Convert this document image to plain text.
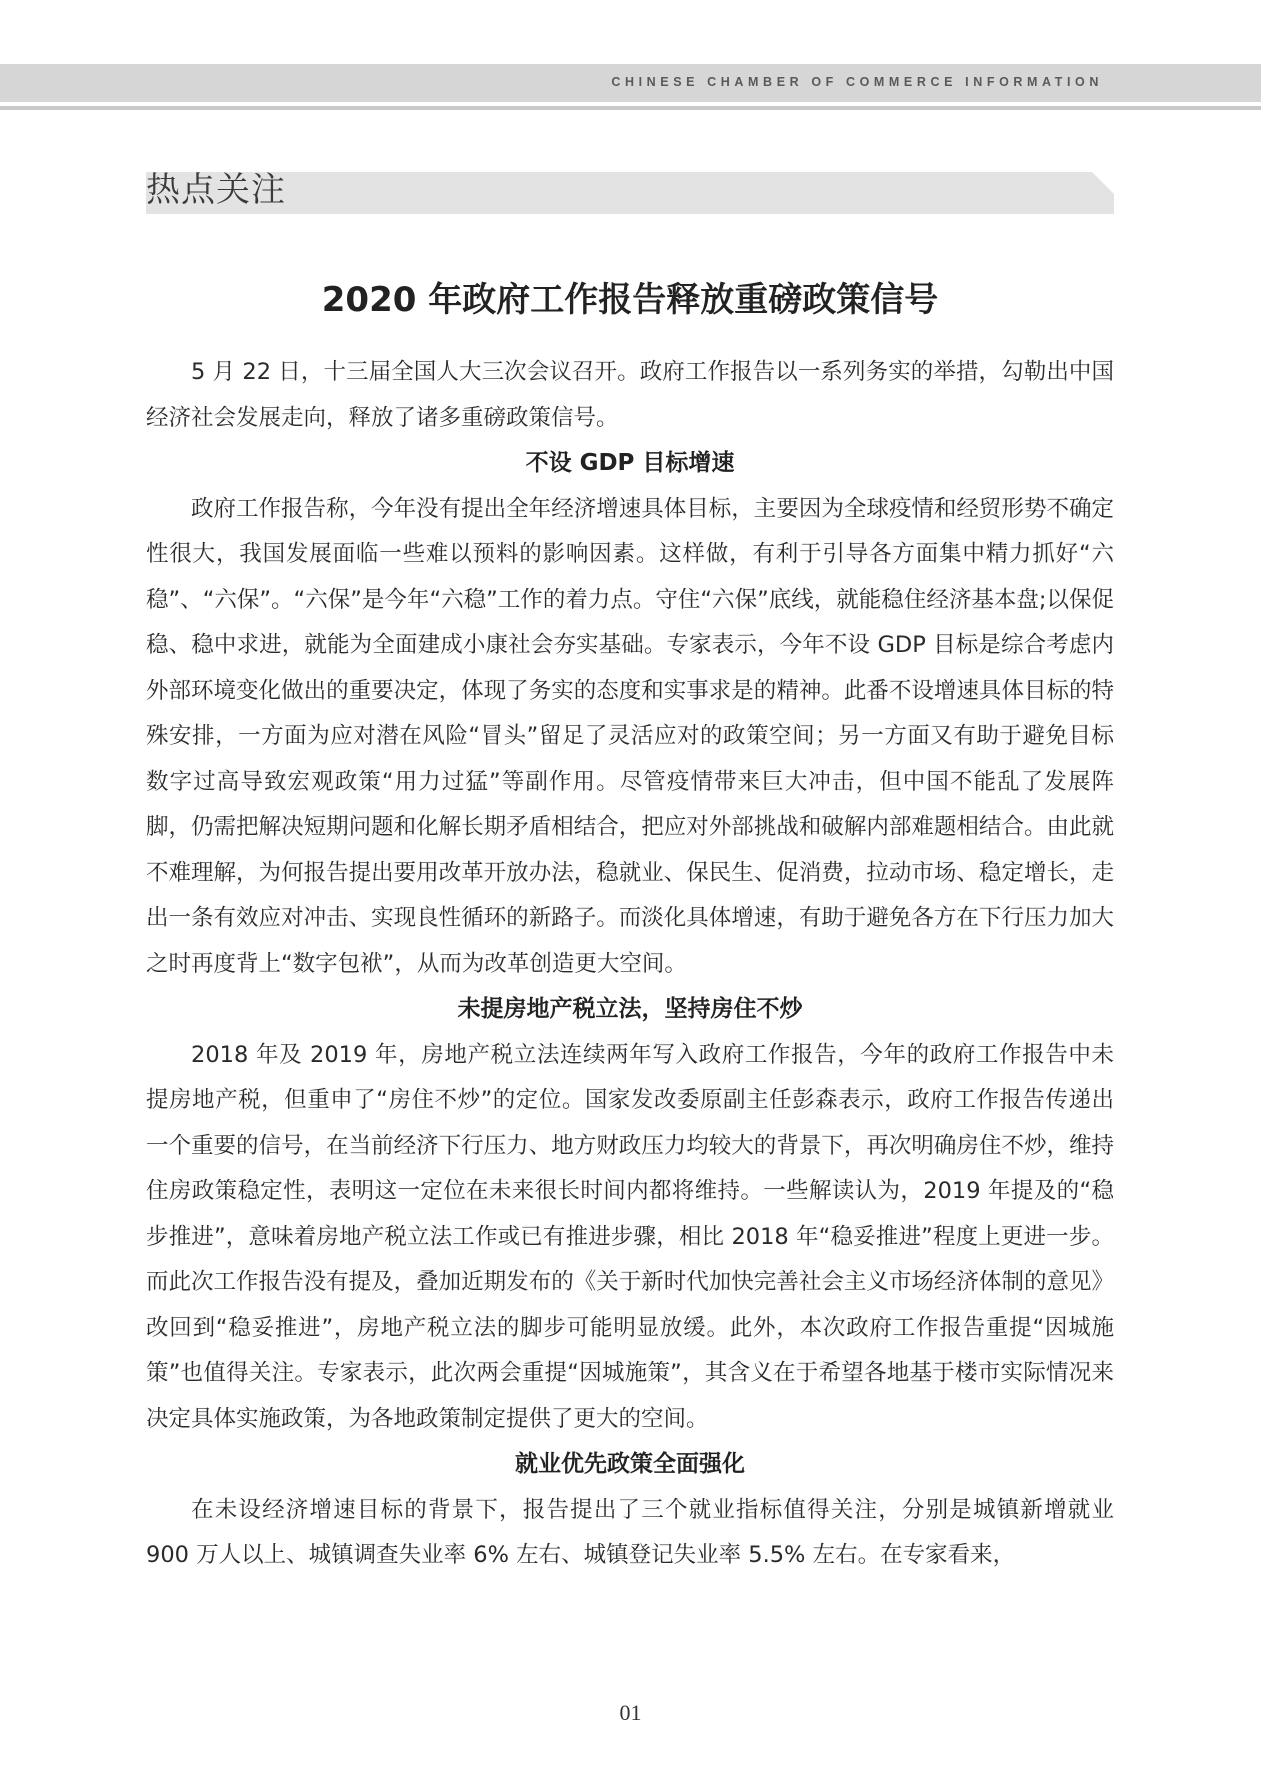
CHINESE CHAMBER OF COMMERCE INFORMATION
热点关注
2020 年政府工作报告释放重磅政策信号

5 月 22 日，十三届全国人大三次会议召开。政府工作报告以一系列务实的举措，勾勒出中国经济社会发展走向，释放了诸多重磅政策信号。

不设 GDP 目标增速

政府工作报告称，今年没有提出全年经济增速具体目标，主要因为全球疫情和经贸形势不确定性很大，我国发展面临一些难以预料的影响因素。这样做，有利于引导各方面集中精力抓好“六稳”、“六保”。“六保”是今年“六稳”工作的着力点。守住“六保”底线，就能稳住经济基本盘;以保促稳、稳中求进，就能为全面建成小康社会夯实基础。专家表示，今年不设 GDP 目标是综合考虑内外部环境变化做出的重要决定，体现了务实的态度和实事求是的精神。此番不设增速具体目标的特殊安排，一方面为应对潜在风险“冒头”留足了灵活应对的政策空间；另一方面又有助于避免目标数字过高导致宏观政策“用力过猛”等副作用。尽管疫情带来巨大冲击，但中国不能乱了发展阵脚，仍需把解决短期问题和化解长期矛盾相结合，把应对外部挑战和破解内部难题相结合。由此就不难理解，为何报告提出要用改革开放办法，稳就业、保民生、促消费，拉动市场、稳定增长，走出一条有效应对冲击、实现良性循环的新路子。而淡化具体增速，有助于避免各方在下行压力加大之时再度背上“数字包袱”，从而为改革创造更大空间。

未提房地产税立法，坚持房住不炒

2018 年及 2019 年，房地产税立法连续两年写入政府工作报告，今年的政府工作报告中未提房地产税，但重申了“房住不炒”的定位。国家发改委原副主任彭森表示，政府工作报告传递出一个重要的信号，在当前经济下行压力、地方财政压力均较大的背景下，再次明确房住不炒，维持住房政策稳定性，表明这一定位在未来很长时间内都将维持。一些解读认为，2019 年提及的“稳步推进”，意味着房地产税立法工作或已有推进步骤，相比 2018 年“稳妥推进”程度上更进一步。而此次工作报告没有提及，叠加近期发布的《关于新时代加快完善社会主义市场经济体制的意见》改回到“稳妥推进”，房地产税立法的脚步可能明显放缓。此外，本次政府工作报告重提“因城施策”也值得关注。专家表示，此次两会重提“因城施策”，其含义在于希望各地基于楼市实际情况来决定具体实施政策，为各地政策制定提供了更大的空间。

就业优先政策全面强化

在未设经济增速目标的背景下，报告提出了三个就业指标值得关注，分别是城镇新增就业 900 万人以上、城镇调查失业率 6% 左右、城镇登记失业率 5.5% 左右。在专家看来，

01
